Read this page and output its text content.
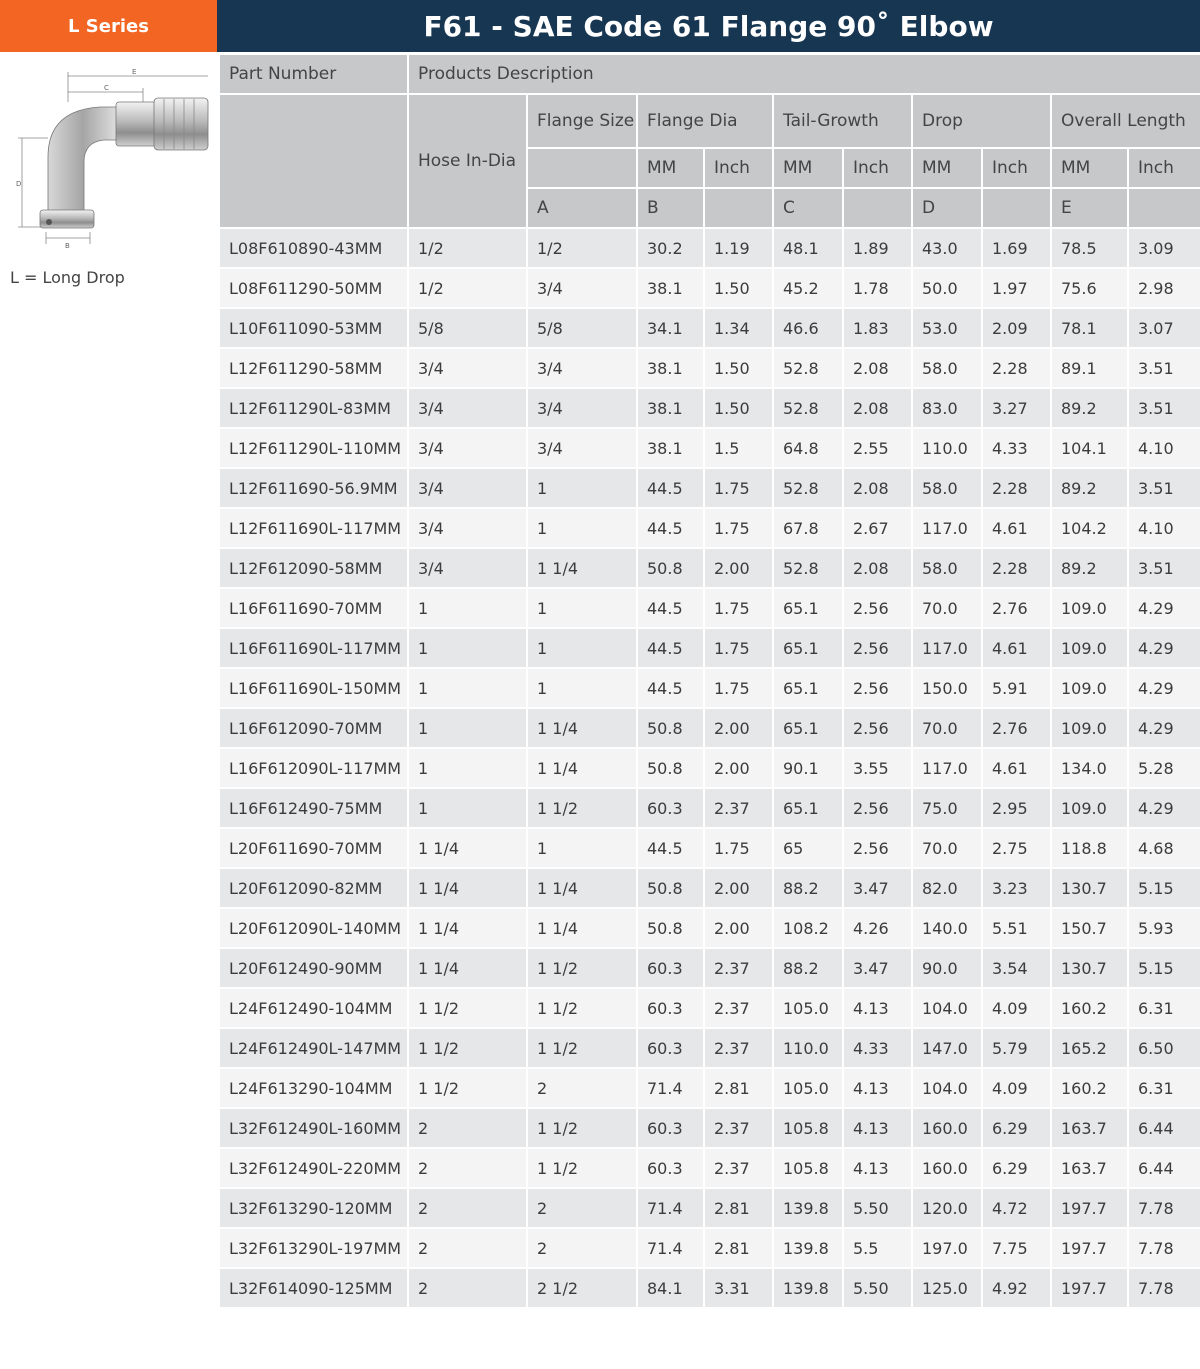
L Series	F61 - SAE Code 61 Flange 90˚ Elbow
E
C
D
B
L = Long Drop
Part Number	Products Description									
	Hose In-Dia	Flange Size	Flange Dia		Tail-Growth		Drop		Overall Length	
			MM	Inch	MM	Inch	MM	Inch	MM	Inch
		A	B		C		D		E	
L08F610890-43MM	1/2	1/2	30.2	1.19	48.1	1.89	43.0	1.69	78.5	3.09
L08F611290-50MM	1/2	3/4	38.1	1.50	45.2	1.78	50.0	1.97	75.6	2.98
L10F611090-53MM	5/8	5/8	34.1	1.34	46.6	1.83	53.0	2.09	78.1	3.07
L12F611290-58MM	3/4	3/4	38.1	1.50	52.8	2.08	58.0	2.28	89.1	3.51
L12F611290L-83MM	3/4	3/4	38.1	1.50	52.8	2.08	83.0	3.27	89.2	3.51
L12F611290L-110MM	3/4	3/4	38.1	1.5	64.8	2.55	110.0	4.33	104.1	4.10
L12F611690-56.9MM	3/4	1	44.5	1.75	52.8	2.08	58.0	2.28	89.2	3.51
L12F611690L-117MM	3/4	1	44.5	1.75	67.8	2.67	117.0	4.61	104.2	4.10
L12F612090-58MM	3/4	1 1/4	50.8	2.00	52.8	2.08	58.0	2.28	89.2	3.51
L16F611690-70MM	1	1	44.5	1.75	65.1	2.56	70.0	2.76	109.0	4.29
L16F611690L-117MM	1	1	44.5	1.75	65.1	2.56	117.0	4.61	109.0	4.29
L16F611690L-150MM	1	1	44.5	1.75	65.1	2.56	150.0	5.91	109.0	4.29
L16F612090-70MM	1	1 1/4	50.8	2.00	65.1	2.56	70.0	2.76	109.0	4.29
L16F612090L-117MM	1	1 1/4	50.8	2.00	90.1	3.55	117.0	4.61	134.0	5.28
L16F612490-75MM	1	1 1/2	60.3	2.37	65.1	2.56	75.0	2.95	109.0	4.29
L20F611690-70MM	1 1/4	1	44.5	1.75	65	2.56	70.0	2.75	118.8	4.68
L20F612090-82MM	1 1/4	1 1/4	50.8	2.00	88.2	3.47	82.0	3.23	130.7	5.15
L20F612090L-140MM	1 1/4	1 1/4	50.8	2.00	108.2	4.26	140.0	5.51	150.7	5.93
L20F612490-90MM	1 1/4	1 1/2	60.3	2.37	88.2	3.47	90.0	3.54	130.7	5.15
L24F612490-104MM	1 1/2	1 1/2	60.3	2.37	105.0	4.13	104.0	4.09	160.2	6.31
L24F612490L-147MM	1 1/2	1 1/2	60.3	2.37	110.0	4.33	147.0	5.79	165.2	6.50
L24F613290-104MM	1 1/2	2	71.4	2.81	105.0	4.13	104.0	4.09	160.2	6.31
L32F612490L-160MM	2	1 1/2	60.3	2.37	105.8	4.13	160.0	6.29	163.7	6.44
L32F612490L-220MM	2	1 1/2	60.3	2.37	105.8	4.13	160.0	6.29	163.7	6.44
L32F613290-120MM	2	2	71.4	2.81	139.8	5.50	120.0	4.72	197.7	7.78
L32F613290L-197MM	2	2	71.4	2.81	139.8	5.5	197.0	7.75	197.7	7.78
L32F614090-125MM	2	2 1/2	84.1	3.31	139.8	5.50	125.0	4.92	197.7	7.78
